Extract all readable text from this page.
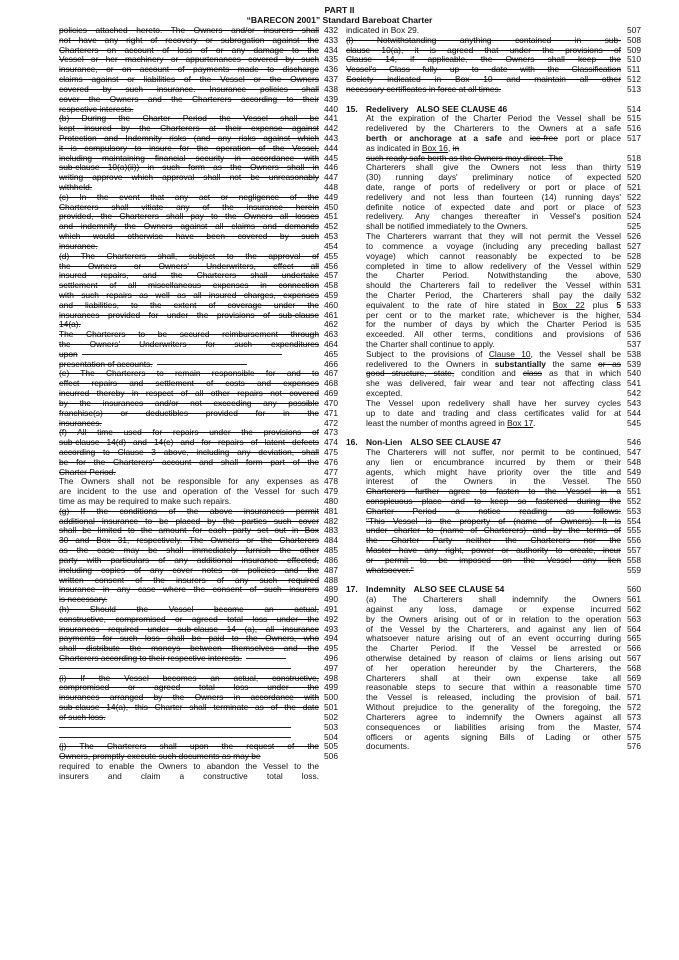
PART II
“BARECON 2001” Standard Bareboat Charter
policies attached hereto. The Owners and/or insurers shall
not have any right of recovery or subrogation against the
Charterers on account of loss of or any damage to the
Vessel or her machinery or appurtenances covered by such
insurance, or on account of payments made to discharge
claims against or liabilities of the Vessel or the Owners
covered by such insurance. Insurance policies shall
cover the Owners and the Charterers according to their
respective interests.
(b) During the Charter Period the Vessel shall be
kept insured by the Charterers at their expense against
Protection and Indemnity risks (and any risks against which
it is compulsory to insure for the operation of the Vessel,
including maintaining financial security in accordance with
sub-clause 10(a)(ii)) in such form as the Owners shall in
writing approve which approval shall not be unreasonably
withheld.
(c) In the event that any act or negligence of the
Charterers shall vitiate any of the insurance herein
provided, the Charterers shall pay to the Owners all losses
and indemnify the Owners against all claims and demands
which would otherwise have been covered by such
insurance.
(d) The Charterers shall, subject to the approval of
the Owners or Owners' Underwriters, effect all
insured repairs, and the Charterers shall undertake
settlement of all miscellaneous expenses in connection
with such repairs as well as all insured charges, expenses
and liabilities, to the extent of coverage under the
insurances provided for under the provisions of sub-clause
14(a).
The Charterers to be secured reimbursement through
the Owners' Underwriters for such expenditures
upon
presentation of accounts.
(e) The Charterers to remain responsible for and to
effect repairs and settlement of costs and expenses
incurred thereby in respect of all other repairs not covered
by the insurances and/or not exceeding any possible
franchise(s) or deductibles provided for in the
insurances.
(f) All time used for repairs under the provisions of
sub-clause 14(d) and 14(e) and for repairs of latent defects
according to Clause 3 above, including any deviation, shall
be for the Charterers' account and shall form part of the
Charter Period.
The Owners shall not be responsible for any expenses as
are incident to the use and operation of the Vessel for such
time as may be required to make such repairs.
(g) If the conditions of the above insurances permit
additional insurance to be placed by the parties such cover
shall be limited to the amount for each party set out in Box
30 and Box 31, respectively. The Owners or the Charterers
as the case may be shall immediately furnish the other
party with particulars of any additional insurance effected,
including copies of any cover notes or policies and the
written consent of the insurers of any such required
insurance in any case where the consent of such insurers
is necessary.
(h) Should the Vessel become an actual,
constructive, compromised or agreed total loss under the
insurances required under sub-clause 14 (a), all insurance
payments for such loss shall be paid to the Owners, who
shall distribute the moneys between themselves and the
Charterers according to their respective interests.
(i) If the Vessel becomes an actual, constructive,
compromised or agreed total loss under the
insurances arranged by the Owners in accordance with
sub-clause 14(a), this Charter shall terminate as of the date
of such loss.
(j) The Charterers shall upon the request of the
Owners, promptly execute such documents as may be
required to enable the Owners to abandon the Vessel to the
insurers and claim a constructive total loss.
432
433
434
435
436
437
438
439
440
441
442
443
444
445
446
447
448
449
450
451
452
453
454
455
456
457
458
459
460
461
462
463
464
465
466
467
468
469
470
471
472
473
474
475
476
477
478
479
480
481
482
483
484
485
486
487
488
489
490
491
492
493
494
495
496
497
498
499
500
501
502
503
504
505
506
indicated in Box 29.
(l) Notwithstanding anything contained in sub-
clause 10(a), it is agreed that under the provisions of
Clause 14, if applicable, the Owners shall keep the
Vessel's Class fully up to date with the Classification
Society indicated in Box 10 and maintain all other
necessary certificates in force at all times.
15. Redelivery ALSO SEE CLAUSE 46
At the expiration of the Charter Period the Vessel shall be
redelivered by the Charterers to the Owners at a safe
berth or anchorage at a safe and ice-free port or place
as indicated in Box 16, in
such ready safe berth as the Owners may direct. The
Charterers shall give the Owners not less than thirty
(30) running days' preliminary notice of expected
date, range of ports of redelivery or port or place of
redelivery and not less than fourteen (14) running days'
definite notice of expected date and port or place of
redelivery. Any changes thereafter in Vessel's position
shall be notified immediately to the Owners.
The Charterers warrant that they will not permit the Vessel
to commence a voyage (including any preceding ballast
voyage) which cannot reasonably be expected to be
completed in time to allow redelivery of the Vessel within
the Charter Period. Notwithstanding the above,
should the Charterers fail to redeliver the Vessel within
the Charter Period, the Charterers shall pay the daily
equivalent to the rate of hire stated in Box 22 plus 5
per cent or to the market rate, whichever is the higher,
for the number of days by which the Charter Period is
exceeded. All other terms, conditions and provisions of
the Charter shall continue to apply.
Subject to the provisions of Clause 10, the Vessel shall be
redelivered to the Owners in substantially the same or as
good structure, state, condition and class as that in which
she was delivered, fair wear and tear not affecting class
excepted.
The Vessel upon redelivery shall have her survey cycles
up to date and trading and class certificates valid for at
least the number of months agreed in Box 17.
16. Non-Lien ALSO SEE CLAUSE 47
The Charterers will not suffer, nor permit to be continued,
any lien or encumbrance incurred by them or their
agents, which might have priority over the title and
interest of the Owners in the Vessel. The
Charterers further agree to fasten to the Vessel in a
conspicuous place and to keep so fastened during the
Charter Period a notice reading as follows:
"This Vessel is the property of (name of Owners). It is
under charter to (name of Charterers) and by the terms of
the Charter Party neither the Charterers nor the
Master have any right, power or authority to create, incur
or permit to be imposed on the Vessel any lien
whatsoever."
17. Indemnity ALSO SEE CLAUSE 54
(a) The Charterers shall indemnify the Owners
against any loss, damage or expense incurred
by the Owners arising out of or in relation to the operation
of the Vessel by the Charterers, and against any lien of
whatsoever nature arising out of an event occurring during
the Charter Period. If the Vessel be arrested or
otherwise detained by reason of claims or liens arising out
of her operation hereunder by the Charterers, the
Charterers shall at their own expense take all
reasonable steps to secure that within a reasonable time
the Vessel is released, including the provision of bail.
Without prejudice to the generality of the foregoing, the
Charterers agree to indemnify the Owners against all
consequences or liabilities arising from the Master,
officers or agents signing Bills of Lading or other
documents.
507
508
509
510
511
512
513
514
515
516
517
518
519
520
521
522
523
524
525
526
527
528
529
530
531
532
533
534
535
536
537
538
539
540
541
542
543
544
545
546
547
548
549
550
551
552
553
554
555
556
557
558
559
560
561
562
563
564
565
566
567
568
569
570
571
572
573
574
575
576
